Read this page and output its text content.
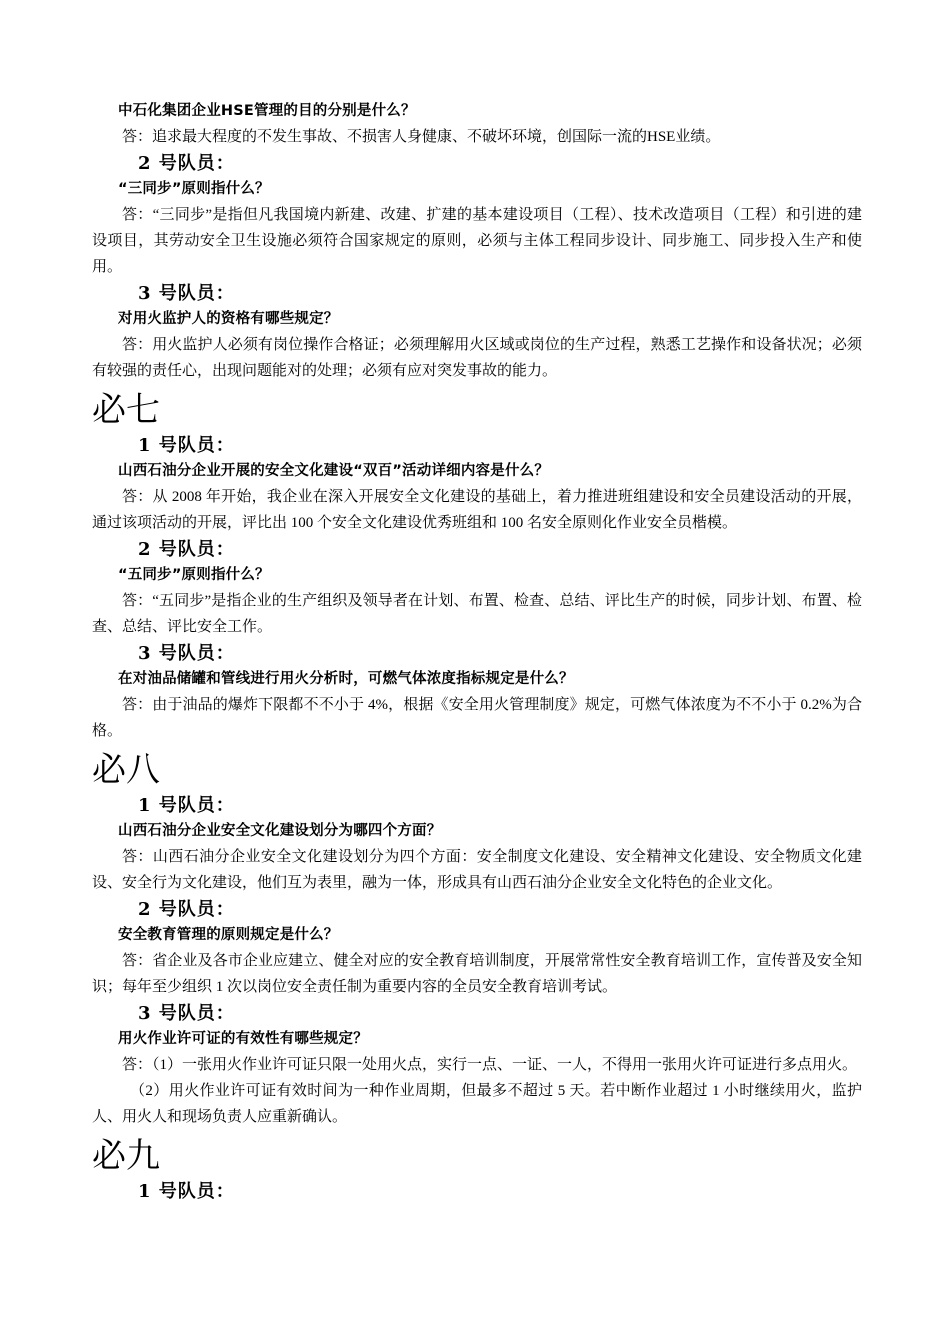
中石化集团企业HSE管理的目的分别是什么？

答：追求最大程度的不发生事故、不损害人身健康、不破坏环境，创国际一流的HSE业绩。

2 号队员：

“三同步”原则指什么？

答：“三同步”是指但凡我国境内新建、改建、扩建的基本建设项目（工程）、技术改造项目（工程）和引进的建设项目，其劳动安全卫生设施必须符合国家规定的原则，必须与主体工程同步设计、同步施工、同步投入生产和使用。

3 号队员：

对用火监护人的资格有哪些规定？

答：用火监护人必须有岗位操作合格证；必须理解用火区域或岗位的生产过程，熟悉工艺操作和设备状况；必须有较强的责任心，出现问题能对的处理；必须有应对突发事故的能力。

必七

1 号队员：

山西石油分企业开展的安全文化建设“双百”活动详细内容是什么？

答：从 2008 年开始，我企业在深入开展安全文化建设的基础上，着力推进班组建设和安全员建设活动的开展，通过该项活动的开展，评比出 100 个安全文化建设优秀班组和 100 名安全原则化作业安全员楷模。

2 号队员：

“五同步”原则指什么？

答：“五同步”是指企业的生产组织及领导者在计划、布置、检查、总结、评比生产的时候，同步计划、布置、检查、总结、评比安全工作。

3 号队员：

在对油品储罐和管线进行用火分析时，可燃气体浓度指标规定是什么？

答：由于油品的爆炸下限都不不小于 4%，根据《安全用火管理制度》规定，可燃气体浓度为不不小于 0.2%为合格。

必八

1 号队员：

山西石油分企业安全文化建设划分为哪四个方面？

答：山西石油分企业安全文化建设划分为四个方面：安全制度文化建设、安全精神文化建设、安全物质文化建设、安全行为文化建设，他们互为表里，融为一体，形成具有山西石油分企业安全文化特色的企业文化。

2 号队员：

安全教育管理的原则规定是什么？

答：省企业及各市企业应建立、健全对应的安全教育培训制度，开展常常性安全教育培训工作，宣传普及安全知识；每年至少组织 1 次以岗位安全责任制为重要内容的全员安全教育培训考试。

3 号队员：

用火作业许可证的有效性有哪些规定？

答：（1）一张用火作业许可证只限一处用火点，实行一点、一证、一人，不得用一张用火许可证进行多点用火。

（2）用火作业许可证有效时间为一种作业周期，但最多不超过 5 天。若中断作业超过 1 小时继续用火，监护人、用火人和现场负责人应重新确认。

必九

1 号队员：
